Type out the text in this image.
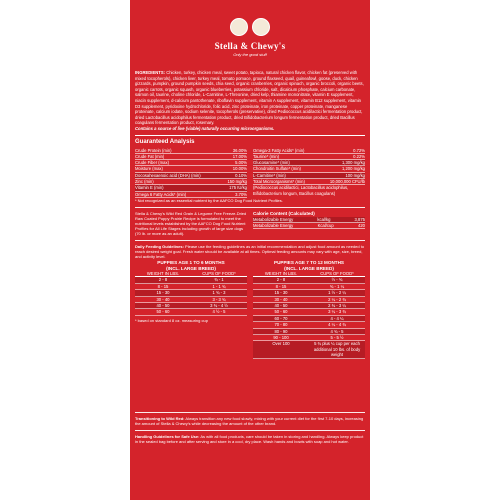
Stella & Chewy's
Only the good stuff

INGREDIENTS: Chicken, turkey, chicken meal, sweet potato, tapioca, natural chicken flavor, chicken fat (preserved with mixed tocopherols), chicken liver, turkey meal, tomato pomace, ground flaxseed, quail, guineafowl, goose, duck, chicken gizzards, pumpkin, ground pumpkin seeds, chia seed, organic cranberries, organic spinach, organic broccoli, organic beets, organic carrots, organic squash, organic blueberries, potassium chloride, salt, dicalcium phosphate, calcium carbonate, salmon oil, taurine, choline chloride, L-Carnitine, L-Threonine, dried kelp, thiamine mononitrate, vitamin E supplement, niacin supplement, d-calcium pantothenate, riboflavin supplement, vitamin A supplement, vitamin B12 supplement, vitamin D3 supplement, pyridoxine hydrochloride, folic acid, zinc proteinate, iron proteinate, copper proteinate, manganese proteinate, calcium iodate, sodium selenite, tocopherols (preservative), dried Pediococcus acidilactici fermentation product, dried Lactobacillus acidophilus fermentation product, dried Bifidobacterium longum fermentation product, dried Bacillus coagulans fermentation product, rosemary.

Contains a source of live (viable) naturally occurring microorganisms.

Guaranteed Analysis
Crude Protein (min)	36.00%
Crude Fat (min)	17.00%
Crude Fiber (max)	5.00%
Moisture (max)	10.00%
Docosahexaenoic acid (DHA) (min)	0.10%
Zinc (min)	150 mg/kg
Vitamin E (min)	175 IU/kg
Omega 6 Fatty Acids* (min)	3.70%
Omega-3 Fatty Acids* (min)	0.72%
Taurine* (min)	0.22%
Glucosamine* (min)	1,300 mg/kg
Chondroitin Sulfate* (min)	1,200 mg/kg
L-Carnitine* (min)	100 mg/kg
Total Microorganisms* (min)	10,000,000 CFU/lb
(Pediococcus acidilactici, Lactobacillus acidophilus, Bifidobacterium longum, Bacillus coagulans)

* Not recognized as an essential nutrient by the AAFCO Dog Food Nutrient Profiles.

Stella & Chewy's Wild Red Grain & Legume Free Freeze-Dried Raw Coated Puppy Prairie Recipe is formulated to meet the nutritional levels established by the AAFCO Dog Food Nutrient Profiles for All Life Stages including growth of large size dogs (70 lb. or more as an adult).

Calorie Content (Calculated)
Metabolizable Energy	kcal/kg	3,875
Metabolizable Energy	Kcal/cup	420

Daily Feeding Guidelines: Please use the feeding guidelines as an initial recommendation and adjust food amount as needed to reach desired weight goal. Fresh water should be available at all times. Optimal feeding amounts may vary with age, size, breed, and activity level.

PUPPIES AGE 1 TO 6 MONTHS
(INCL. LARGE BREED)
WEIGHT IN LBS.	CUPS OF FOOD*
2 - 8	¾ - 1
8 - 15	1 - 1 ¾
15 - 30	1 ¾ - 3
30 - 40	3 - 3 ¾
40 - 50	3 ¾ - 4 ½
50 - 60	4 ½ - 5

* based on standard 8 oz. measuring cup

PUPPIES AGE 7 TO 12 MONTHS
(INCL. LARGE BREED)
WEIGHT IN LBS.	CUPS OF FOOD*
2 - 8	½ - ¾
8 - 15	¾ - 1 ¼
15 - 30	1 ½ - 2 ¼
30 - 40	2 ¼ - 2 ¾
40 - 50	2 ¾ - 3 ¼
50 - 60	3 ¼ - 3 ¾
60 - 70	4 - 4 ¼
70 - 80	4 ¼ - 4 ¾
80 - 90	4 ¾ - 5
90 - 100	5 - 5 ½
Over 100	5 ¾ plus ¼ cup per each additional 10 lbs. of body weight

Transitioning to Wild Red: Always transition any new food slowly, mixing with your current diet for the first 7-10 days, increasing the amount of Stella & Chewy's while decreasing the amount of the other brand.

Handling Guidelines for Safe Use: As with all food products, care should be taken in storing and handling. Always keep product in the sealed bag before and after serving and store in a cool, dry place. Wash hands and bowls with soap and hot water.
